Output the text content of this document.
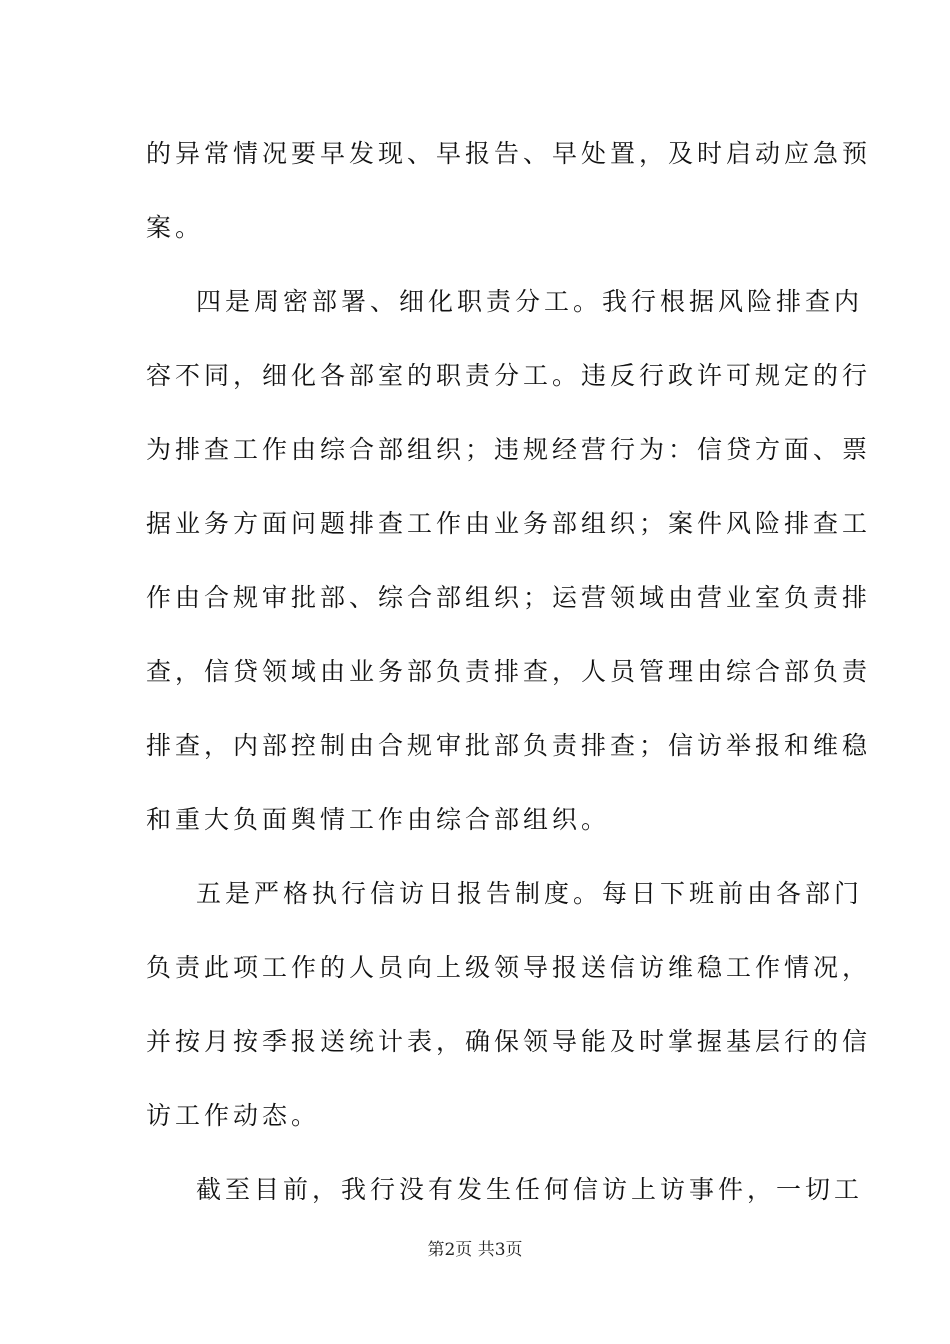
的异常情况要早发现、早报告、早处置，及时启动应急预
案。
四是周密部署、细化职责分工。我行根据风险排查内
容不同，细化各部室的职责分工。违反行政许可规定的行
为排查工作由综合部组织；违规经营行为：信贷方面、票
据业务方面问题排查工作由业务部组织；案件风险排查工
作由合规审批部、综合部组织；运营领域由营业室负责排
查，信贷领域由业务部负责排查，人员管理由综合部负责
排查，内部控制由合规审批部负责排查；信访举报和维稳
和重大负面舆情工作由综合部组织。
五是严格执行信访日报告制度。每日下班前由各部门
负责此项工作的人员向上级领导报送信访维稳工作情况，
并按月按季报送统计表，确保领导能及时掌握基层行的信
访工作动态。
截至目前，我行没有发生任何信访上访事件，一切工
第2页 共3页
